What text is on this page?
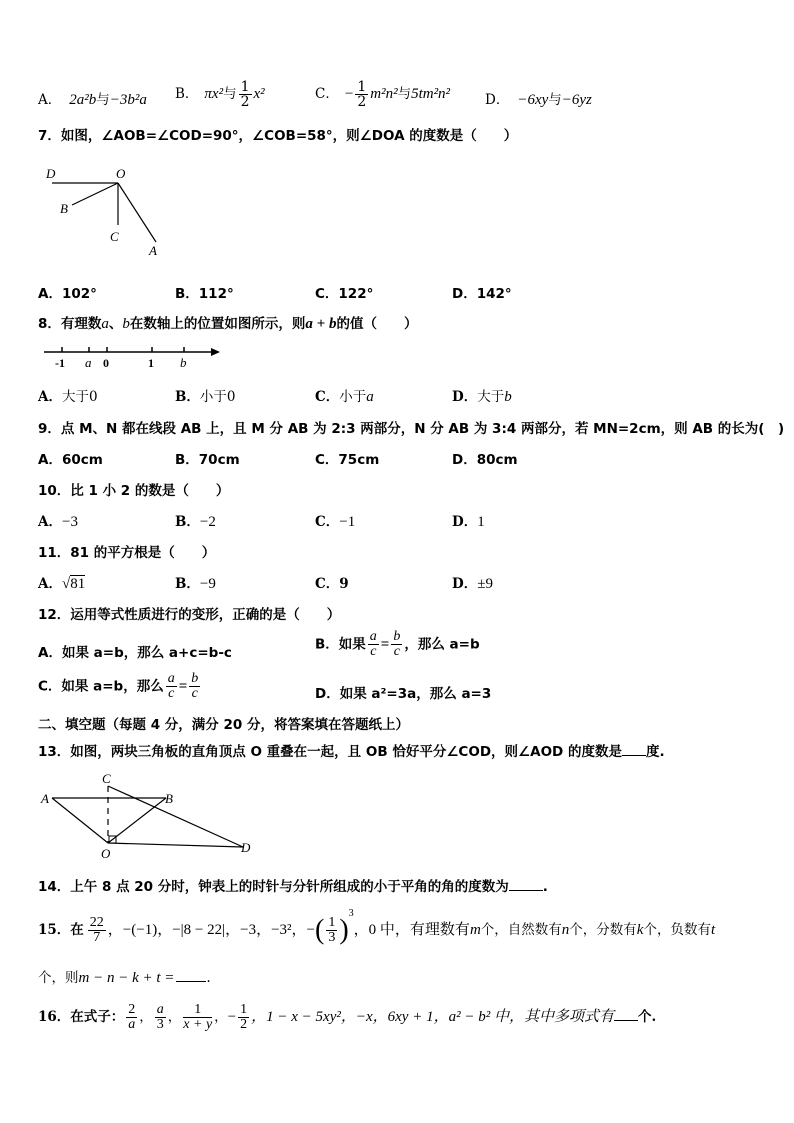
A． 2a²b与−3b²a B． πx²与 $\frac{1}{2} x^2$	C． − $\frac{1}{2} m^2n^2$与5tm²n²	D． −6xy与−6yz
7．如图，∠AOB=∠COD=90°，∠COB=58°，则∠DOA 的度数是（　　）
D	O
B
C
A
A．102°	B．112°	C．122°	D．142°
8．有理数a、b在数轴上的位置如图所示，则a + b的值（　　）
-1 a 0	1 b
A．大于0	B．小于0	C．小于a	D．大于b
9．点 M、N 都在线段 AB 上，且 M 分 AB 为 2:3 两部分，N 分 AB 为 3:4 两部分，若 MN=2cm，则 AB 的长为(　)
A．60cm	B．70cm	C．75cm	D．80cm
10．比 1 小 2 的数是（　　）
A．−3	B．−2	C．−1	D．1
11．81 的平方根是（　　）
A．√81	B．−9	C．9	D．±9
12．运用等式性质进行的变形，正确的是（　　）
A．如果 a=b，那么 a+c=b-c
B．如果 $\frac{a}{c} = \frac{b}{c}$ ，那么 a=b
C．如果 a=b，那么 $\frac{a}{c} = \frac{b}{c}$	D．如果 a²=3a，那么 a=3
二、填空题（每题 4 分，满分 20 分，将答案填在答题纸上）
13．如图，两块三角板的直角顶点 O 重叠在一起，且 OB 恰好平分∠COD，则∠AOD 的度数是 度.
A	B
C
O	D
14．上午 8 点 20 分时，钟表上的时针与分针所组成的小于平角的角的度数为	.
15．在 $\frac{22}{7}$ ，−(−1)，−|8 − 22|，−3，−3²，−( $\frac{1}{3} )^3$，0 中，有理数有m个，自然数有n个，分数有k个，负数有t
个，则m − n − k + t = .
16．在式子： $\frac{2}{a}$ ， $\frac{a}{3}$ ， $\frac{1}{x + y}$ ，− $\frac{1}{2}$ ，1 − x − 5xy²，−x，6xy + 1，a² − b² 中，其中多项式有 个.
